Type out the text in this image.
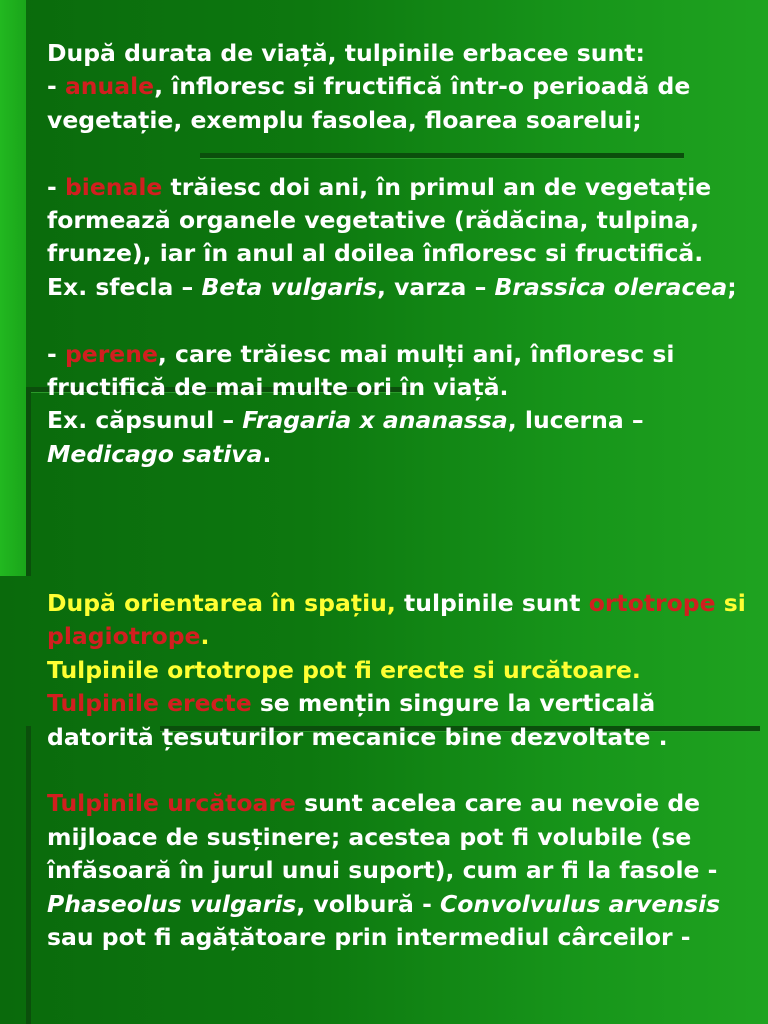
După durata de viață, tulpinile erbacee sunt:

- anuale, înfloresc si fructifică într-o perioadă de vegetație, exemplu fasolea, floarea soarelui;

- bienale trăiesc doi ani, în primul an de vegetație formează organele vegetative (rădăcina, tulpina, frunze), iar în anul al doilea înfloresc si fructifică. Ex. sfecla – Beta vulgaris, varza – Brassica oleracea;

- perene, care trăiesc mai mulți ani, înfloresc si fructifică de mai multe ori în viață.

Ex. căpsunul – Fragaria x ananassa, lucerna – Medicago sativa.

După orientarea în spațiu, tulpinile sunt ortotrope si plagiotrope.

Tulpinile ortotrope pot fi erecte si urcătoare.

Tulpinile erecte se mențin singure la verticală datorită țesuturilor mecanice bine dezvoltate .

Tulpinile urcătoare sunt acelea care au nevoie de mijloace de susținere; acestea pot fi volubile (se înfăsoară în jurul unui suport), cum ar fi la fasole - Phaseolus vulgaris, volbură - Convolvulus arvensis sau pot fi agățătoare prin intermediul cârceilor -
